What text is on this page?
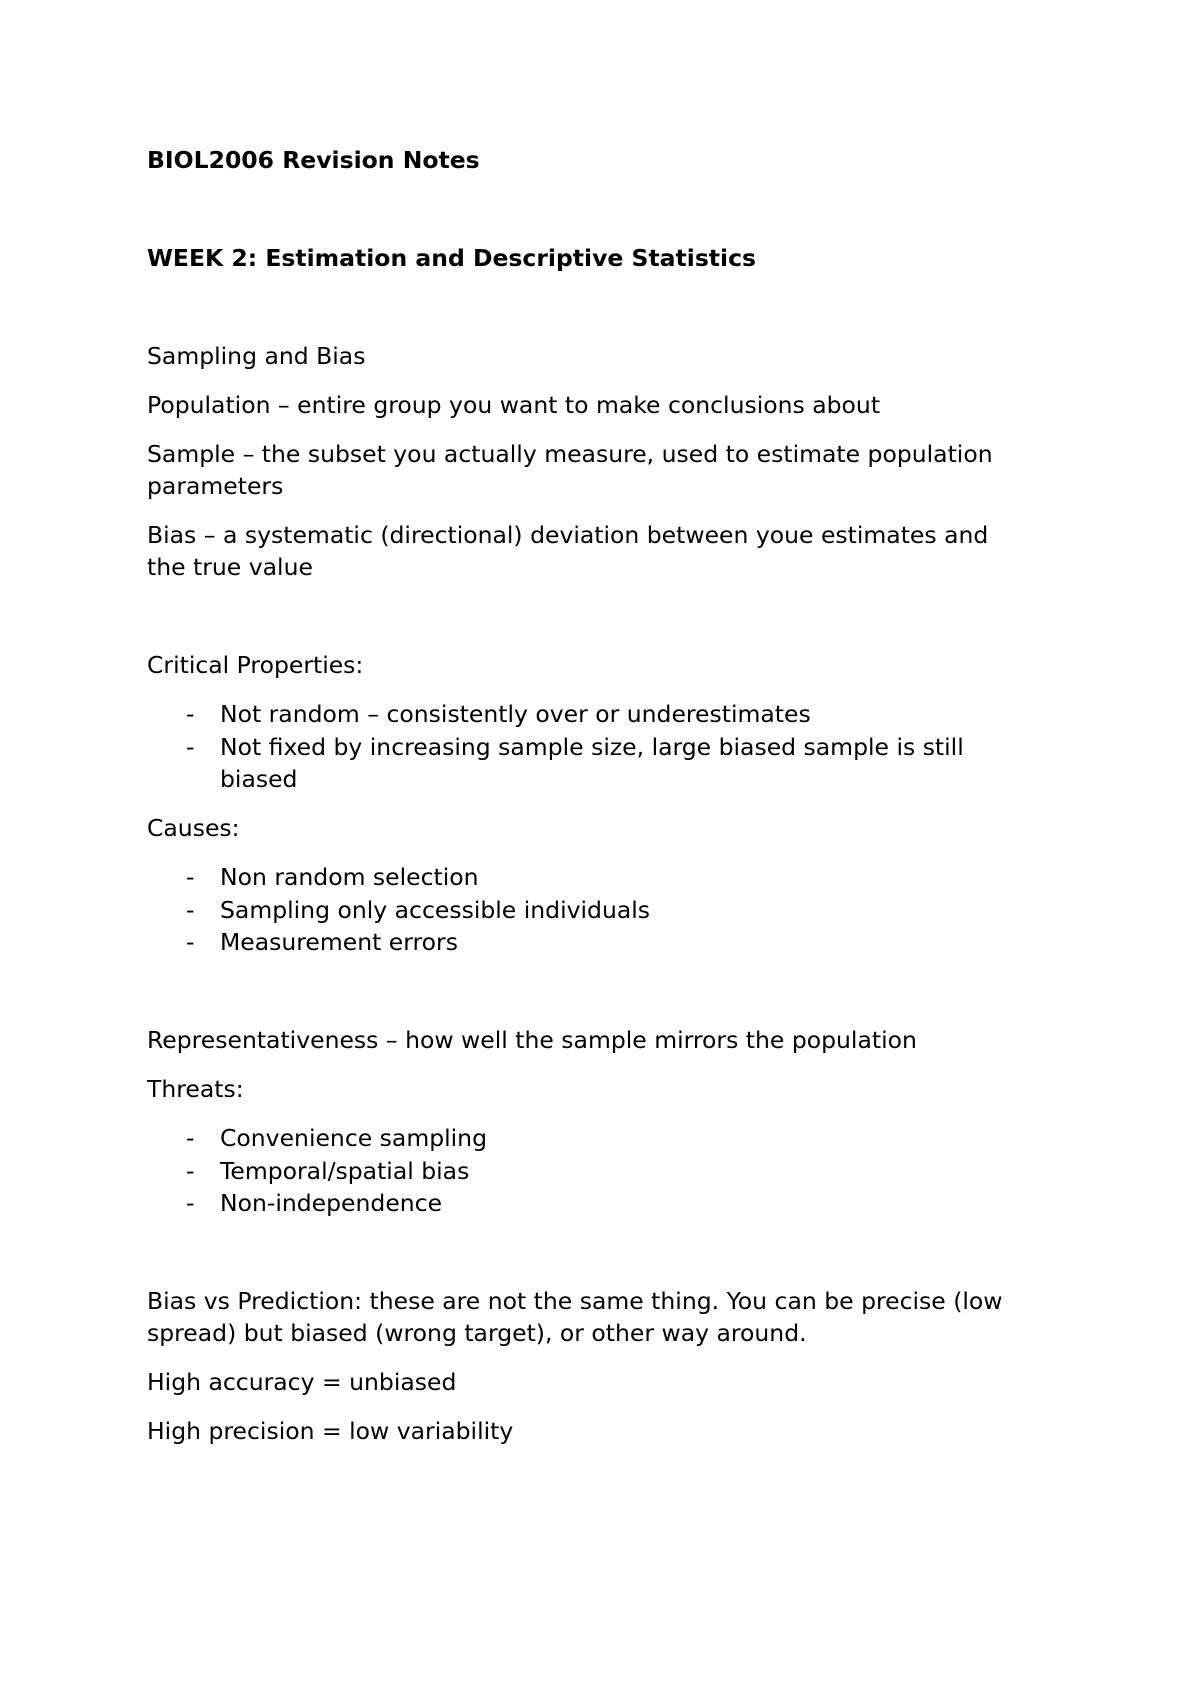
BIOL2006 Revision Notes

WEEK 2: Estimation and Descriptive Statistics

Sampling and Bias

Population – entire group you want to make conclusions about

Sample – the subset you actually measure, used to estimate population

parameters

Bias – a systematic (directional) deviation between youe estimates and

the true value

Critical Properties:

- Not random – consistently over or underestimates
- Not fixed by increasing sample size, large biased sample is still
biased

Causes:

- Non random selection
- Sampling only accessible individuals
- Measurement errors

Representativeness – how well the sample mirrors the population

Threats:

- Convenience sampling
- Temporal/spatial bias
- Non-independence

Bias vs Prediction: these are not the same thing. You can be precise (low

spread) but biased (wrong target), or other way around.

High accuracy = unbiased

High precision = low variability
